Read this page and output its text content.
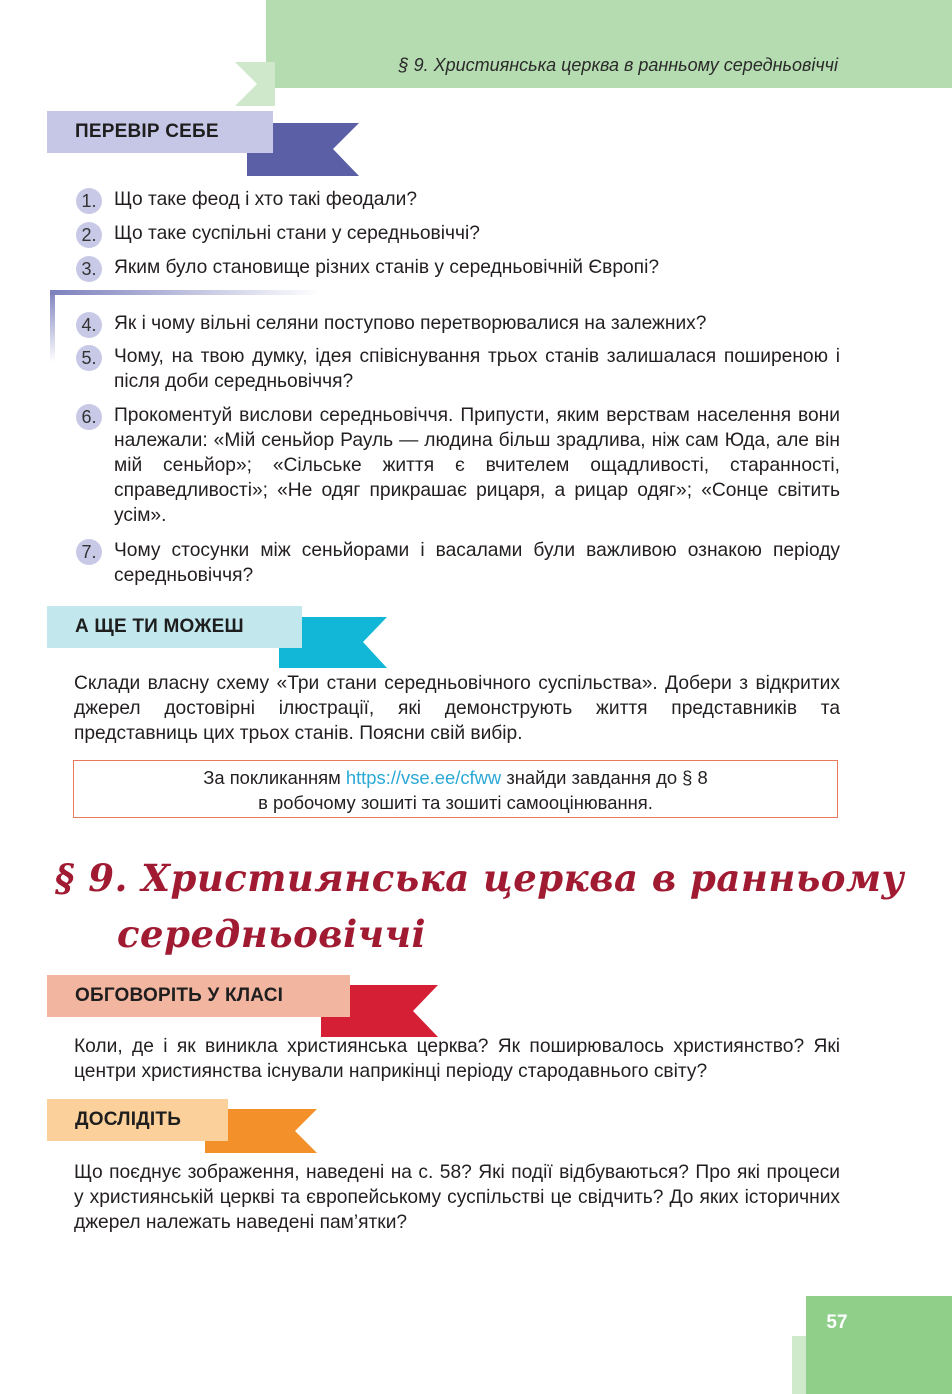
§ 9. Християнська церква в ранньому середньовіччі
ПЕРЕВІР СЕБЕ
1. Що таке феод і хто такі феодали?
2. Що таке суспільні стани у середньовіччі?
3. Яким було становище різних станів у середньовічній Європі?
4. Як і чому вільні селяни поступово перетворювалися на залежних?
5. Чому, на твою думку, ідея співіснування трьох станів залишалася поширеною і після доби середньовіччя?
6. Прокоментуй вислови середньовіччя. Припусти, яким верствам населення вони належали: «Мій сеньйор Рауль — людина більш зрадлива, ніж сам Юда, але він мій сеньйор»; «Сільське життя є вчителем ощадливості, старанності, справедливості»; «Не одяг прикрашає рицаря, а рицар одяг»; «Сонце світить усім».
7. Чому стосунки між сеньйорами і васалами були важливою ознакою періоду середньовіччя?
А ЩЕ ТИ МОЖЕШ
Склади власну схему «Три стани середньовічного суспільства». Добери з відкритих джерел достовірні ілюстрації, які демонструють життя представників та представниць цих трьох станів. Поясни свій вибір.
За покликанням https://vse.ee/cfww знайди завдання до § 8
в робочому зошиті та зошиті самооцінювання.
§ 9. Християнська церква в ранньому
середньовіччі
ОБГОВОРІТЬ У КЛАСІ
Коли, де і як виникла християнська церква? Як поширювалось християнство? Які центри християнства існували наприкінці періоду стародавнього світу?
ДОСЛІДІТЬ
Що поєднує зображення, наведені на с. 58? Які події відбуваються? Про які процеси у християнській церкві та європейському суспільстві це свідчить? До яких історичних джерел належать наведені пам’ятки?
57
